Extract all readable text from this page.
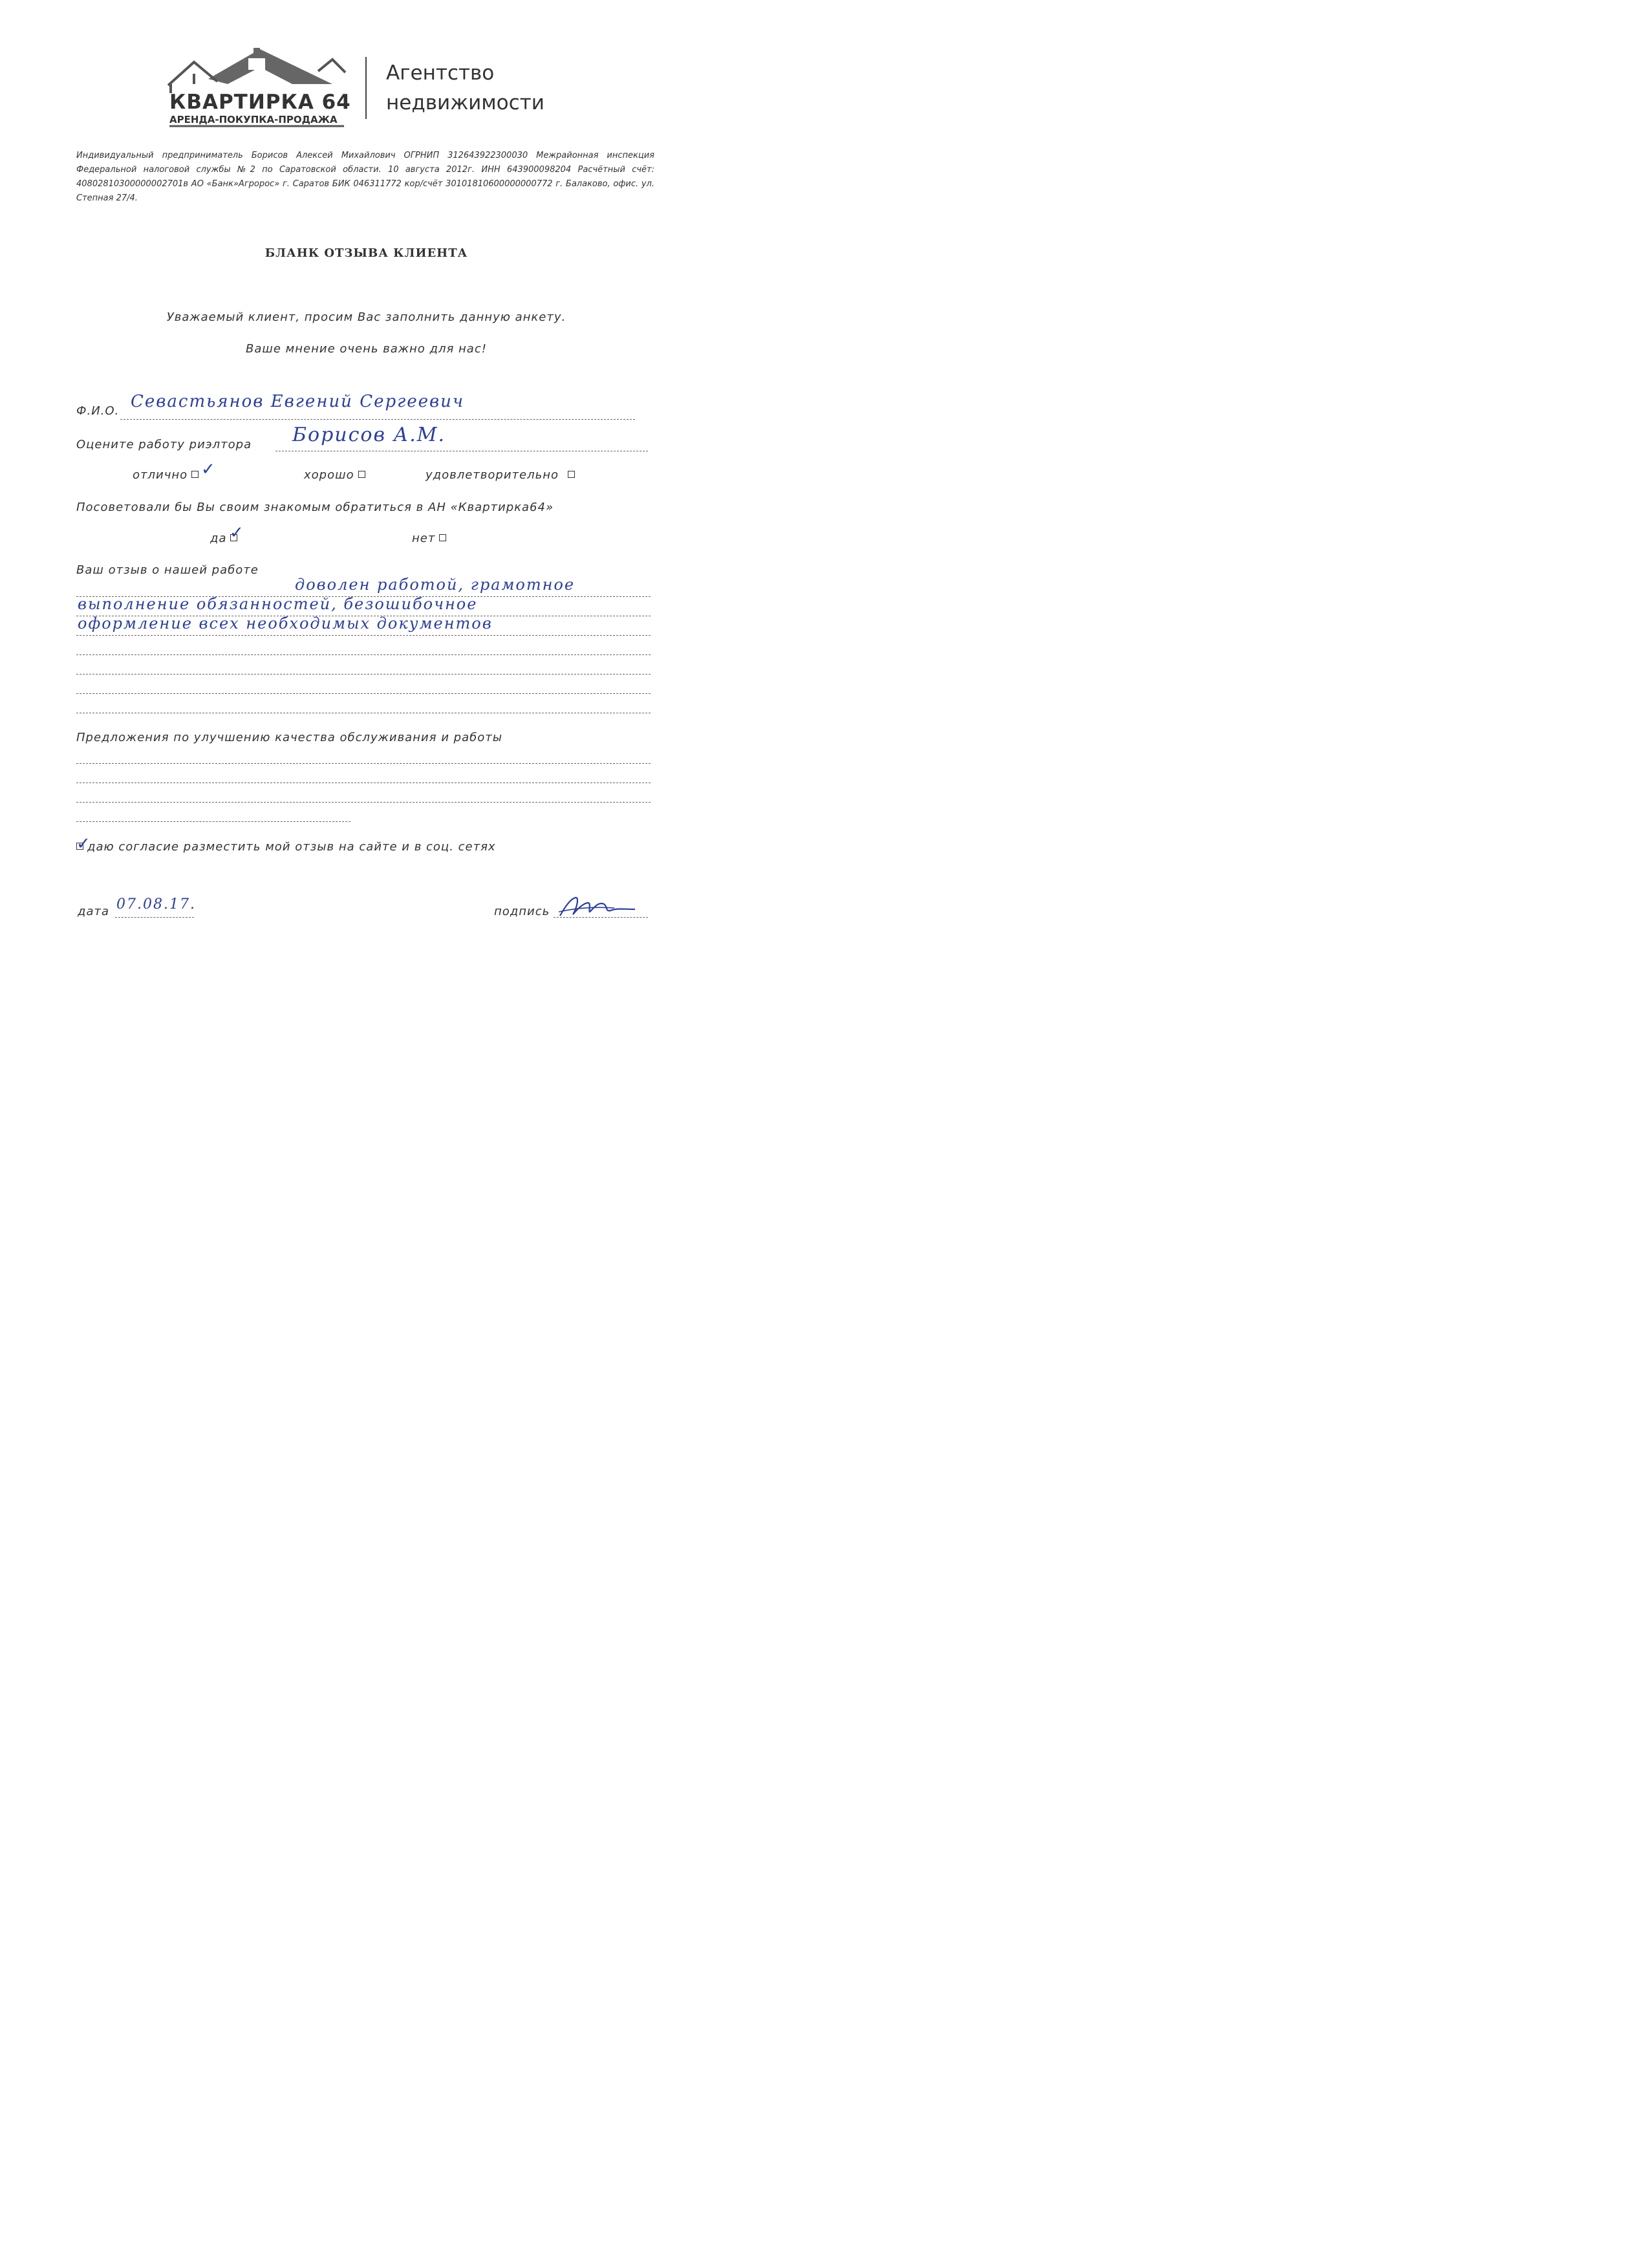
КВАРТИРКА 64
АРЕНДА-ПОКУПКА-ПРОДАЖА
Агентство
недвижимости
Индивидуальный предприниматель Борисов Алексей Михайлович ОГРНИП 312643922300030 Межрайонная инспекция Федеральной налоговой службы №2 по Саратовской области. 10 августа 2012г. ИНН 643900098204 Расчётный счёт: 40802810300000002701в АО «Банк»Агророс» г. Саратов БИК 046311772 кор/счёт 30101810600000000772 г. Балаково, офис. ул. Степная 27/4.
БЛАНК ОТЗЫВА КЛИЕНТА
Уважаемый клиент, просим Вас заполнить данную анкету.
Ваше мнение очень важно для нас!
Ф.И.О. Севастьянов Евгений Сергеевич
Оцените работу риэлтора Борисов А.М.
отлично ✓	хорошо	удовлетворительно
Посоветовали бы Вы своим знакомым обратиться в АН «Квартирка64»
да ✓	нет
Ваш отзыв о нашей работе
доволен работой, грамотное
выполнение обязанностей, безошибочное
оформление всех необходимых документов
Предложения по улучшению качества обслуживания и работы
даю согласие разместить мой отзыв на сайте и в соц. сетях
✓
дата 07.08.17.	подпись
